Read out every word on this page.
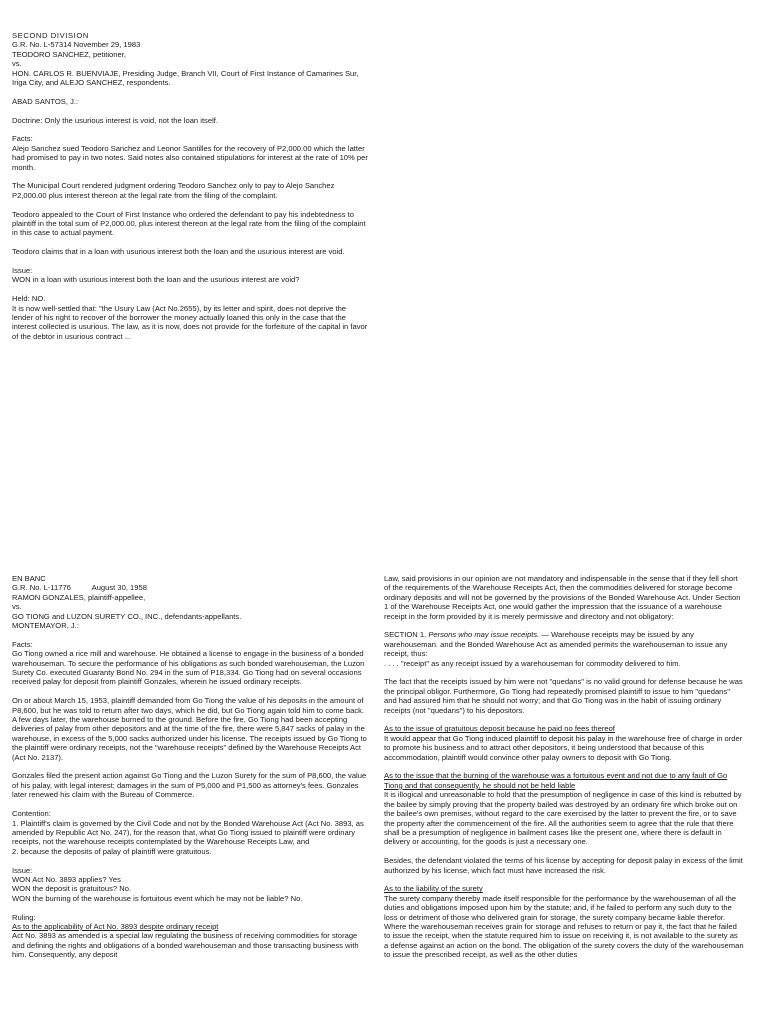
SECOND DIVISION

G.R. No. L-57314 November 29, 1983

TEODORO SANCHEZ, petitioner,

vs.

HON. CARLOS R. BUENVIAJE, Presiding Judge, Branch VII, Court of First Instance of Camarines Sur, Iriga City, and ALEJO SANCHEZ, respondents.

ABAD SANTOS, J.:

Doctrine: Only the usurious interest is void, not the loan itself.

Facts:

Alejo Sanchez sued Teodoro Sanchez and Leonor Santilles for the recovery of P2,000.00 which the latter had promised to pay in two notes. Said notes also contained stipulations for interest at the rate of 10% per month.

The Municipal Court rendered judgment ordering Teodoro Sanchez only to pay to Alejo Sanchez P2,000.00 plus interest thereon at the legal rate from the filing of the complaint.

Teodoro appealed to the Court of First Instance who ordered the defendant to pay his indebtedness to plaintiff in the total sum of P2,000.00, plus interest thereon at the legal rate from the filing of the complaint in this case to actual payment.

Teodoro claims that in a loan with usurious interest both the loan and the usurious interest are void.

Issue:

WON in a loan with usurious interest both the loan and the usurious interest are void?

Held: NO.

It is now well-settled that: "the Usury Law (Act No.2655), by its letter and spirit, does not deprive the lender of his right to recover of the borrower the money actually loaned this only in the case that the interest collected is usurious. The law, as it is now, does not provide for the forfeiture of the capital in favor of the debtor in usurious contract ...

EN BANC

G.R. No. L-11776          August 30, 1958

RAMON GONZALES, plaintiff-appellee,

vs.

GO TIONG and LUZON SURETY CO., INC., defendants-appellants.

MONTEMAYOR, J.:

Facts:

Go Tiong owned a rice mill and warehouse. He obtained a license to engage in the business of a bonded warehouseman. To secure the performance of his obligations as such bonded warehouseman, the Luzon Surety Co. executed Guaranty Bond No. 294 in the sum of P18,334. Go Tiong had on several occasions received palay for deposit from plaintiff Gonzales, wherein he issued ordinary receipts.

On or about March 15, 1953, plaintiff demanded from Go Tiong the value of his deposits in the amount of P8,600, but he was told to return after two days, which he did, but Go Tiong again told him to come back. A few days later, the warehouse burned to the ground. Before the fire, Go Tiong had been accepting deliveries of palay from other depositors and at the time of the fire, there were 5,847 sacks of palay in the warehouse, in excess of the 5,000 sacks authorized under his license. The receipts issued by Go Tiong to the plaintiff were ordinary receipts, not the "warehouse receipts" defined by the Warehouse Receipts Act (Act No. 2137).

Gonzales filed the present action against Go Tiong and the Luzon Surety for the sum of P8,600, the value of his palay, with legal interest; damages in the sum of P5,000 and P1,500 as attorney's fees. Gonzales later renewed his claim with the Bureau of Commerce.

Contention:

1. Plaintiff's claim is governed by the Civil Code and not by the Bonded Warehouse Act (Act No. 3893, as amended by Republic Act No. 247), for the reason that, what Go Tiong issued to plaintiff were ordinary receipts, not the warehouse receipts contemplated by the Warehouse Receipts Law, and

2. because the deposits of palay of plaintiff were gratuitous.

Issue:

WON Act No. 3893 applies? Yes

WON the deposit is gratuitous? No.

WON the burning of the warehouse is fortuitous event which he may not be liable? No.

Ruling:

As to the applicability of Act No. 3893 despite ordinary receipt

Act No. 3893 as amended is a special law regulating the business of receiving commodities for storage and defining the rights and obligations of a bonded warehouseman and those transacting business with him. Consequently, any deposit

Law, said provisions in our opinion are not mandatory and indispensable in the sense that if they fell short of the requirements of the Warehouse Receipts Act, then the commodities delivered for storage become ordinary deposits and will not be governed by the provisions of the Bonded Warehouse Act. Under Section 1 of the Warehouse Receipts Act, one would gather the impression that the issuance of a warehouse receipt in the form provided by it is merely permissive and directory and not obligatory:

SECTION 1. Persons who may issue receipts. — Warehouse receipts may be issued by any warehouseman. and the Bonded Warehouse Act as amended permits the warehouseman to issue any receipt, thus:

. . . . "receipt" as any receipt issued by a warehouseman for commodity delivered to him.

The fact that the receipts issued by him were not "quedans" is no valid ground for defense because he was the principal obligor. Furthermore, Go Tiong had repeatedly promised plaintiff to issue to him "quedans" and had assured him that he should not worry; and that Go Tiong was in the habit of issuing ordinary receipts (not "quedans") to his depositors.

As to the issue of gratuitous deposit because he paid no fees thereof

It would appear that Go Tiong induced plaintiff to deposit his palay in the warehouse free of charge in order to promote his business and to attract other depositors, it being understood that because of this accommodation, plaintiff would convince other palay owners to deposit with Go Tiong.

As to the issue that the burning of the warehouse was a fortuitous event and not due to any fault of Go Tiong and that consequently, he should not be held liable

It is illogical and unreasonable to hold that the presumption of negligence in case of this kind is rebutted by the bailee by simply proving that the property bailed was destroyed by an ordinary fire which broke out on the bailee's own premises, without regard to the care exercised by the latter to prevent the fire, or to save the property after the commencement of the fire. All the authorities seem to agree that the rule that there shall be a presumption of negligence in bailment cases like the present one, where there is default in delivery or accounting, for the goods is just a necessary one.

Besides, the defendant violated the terms of his license by accepting for deposit palay in excess of the limit authorized by his license, which fact must have increased the risk.

As to the liability of the surety

The surety company thereby made itself responsible for the performance by the warehouseman of all the duties and obligations imposed upon him by the statute; and, if he failed to perform any such duty to the loss or detriment of those who delivered grain for storage, the surety company became liable therefor. Where the warehouseman receives grain for storage and refuses to return or pay it, the fact that he failed to issue the receipt, when the statute required him to issue on receiving it, is not available to the surety as a defense against an action on the bond. The obligation of the surety covers the duty of the warehouseman to issue the prescribed receipt, as well as the other duties
